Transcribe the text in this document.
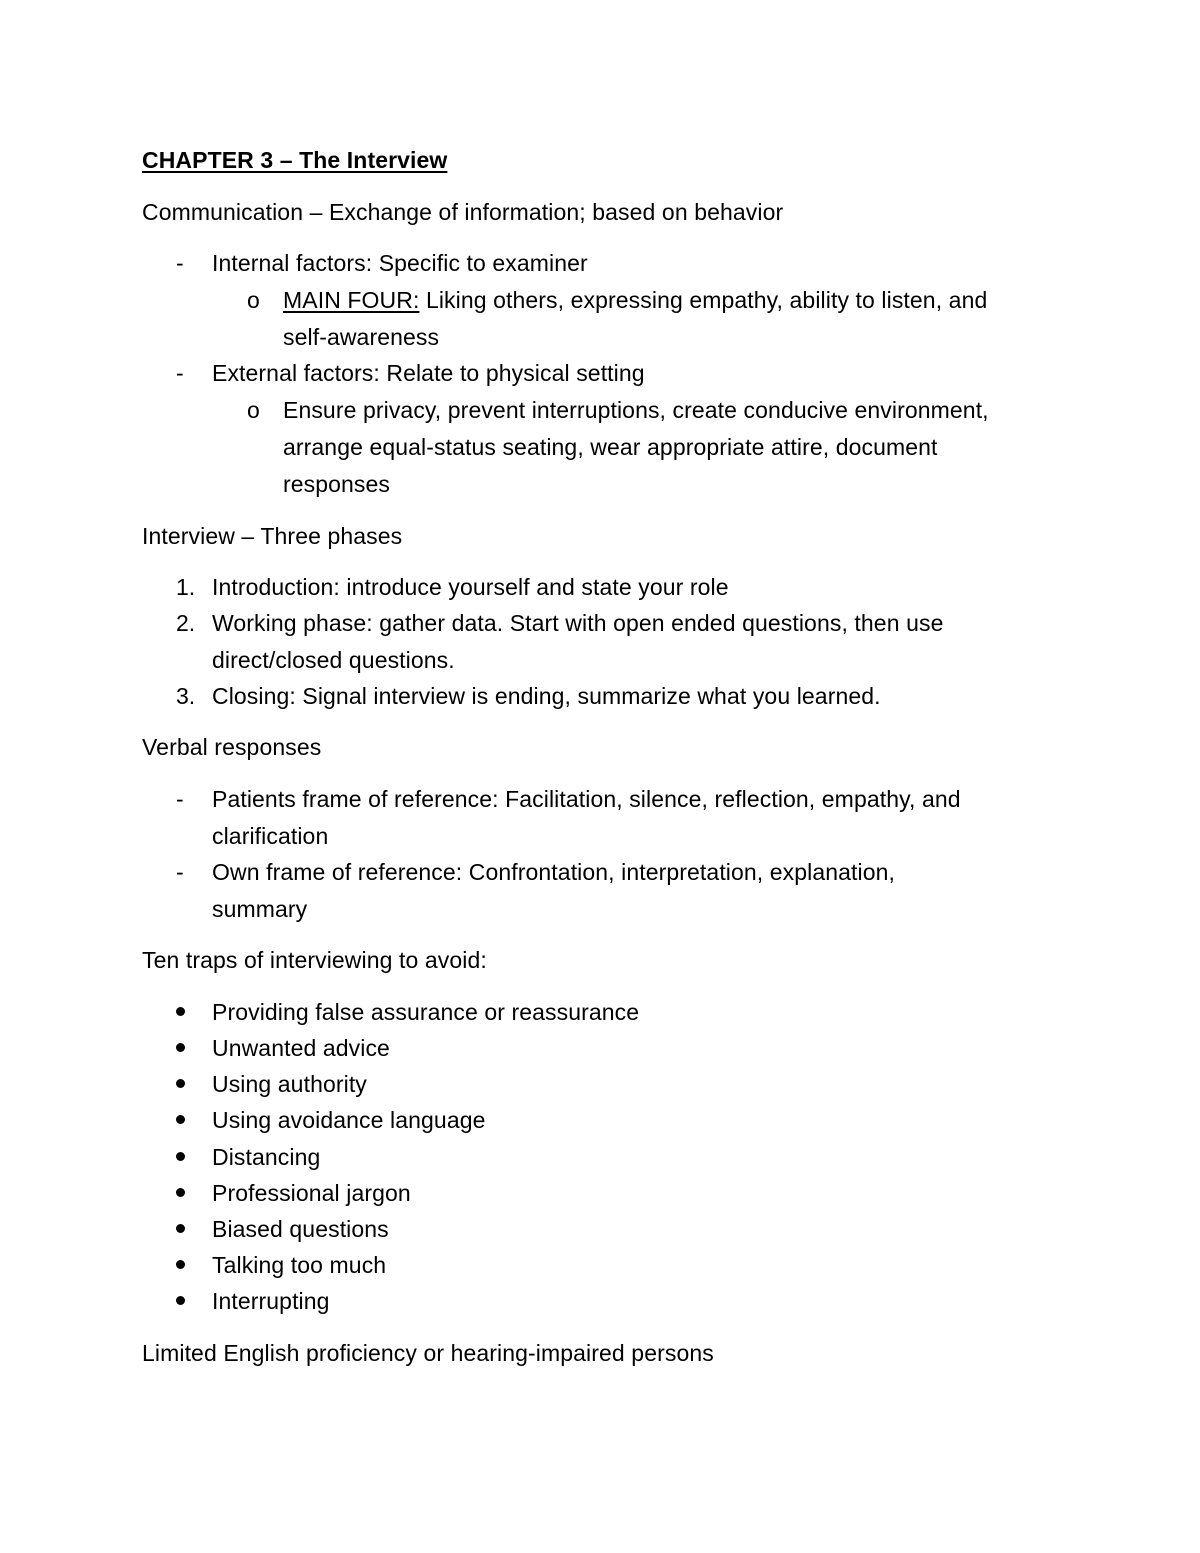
CHAPTER 3 – The Interview
Communication – Exchange of information; based on behavior
- Internal factors: Specific to examiner
o MAIN FOUR: Liking others, expressing empathy, ability to listen, and
self-awareness
- External factors: Relate to physical setting
o Ensure privacy, prevent interruptions, create conducive environment,
arrange equal-status seating, wear appropriate attire, document
responses
Interview – Three phases
1. Introduction: introduce yourself and state your role
2. Working phase: gather data. Start with open ended questions, then use
direct/closed questions.
3. Closing: Signal interview is ending, summarize what you learned.
Verbal responses
- Patients frame of reference: Facilitation, silence, reflection, empathy, and
clarification
- Own frame of reference: Confrontation, interpretation, explanation,
summary
Ten traps of interviewing to avoid:
Providing false assurance or reassurance
Unwanted advice
Using authority
Using avoidance language
Distancing
Professional jargon
Biased questions
Talking too much
Interrupting
Limited English proficiency or hearing-impaired persons
